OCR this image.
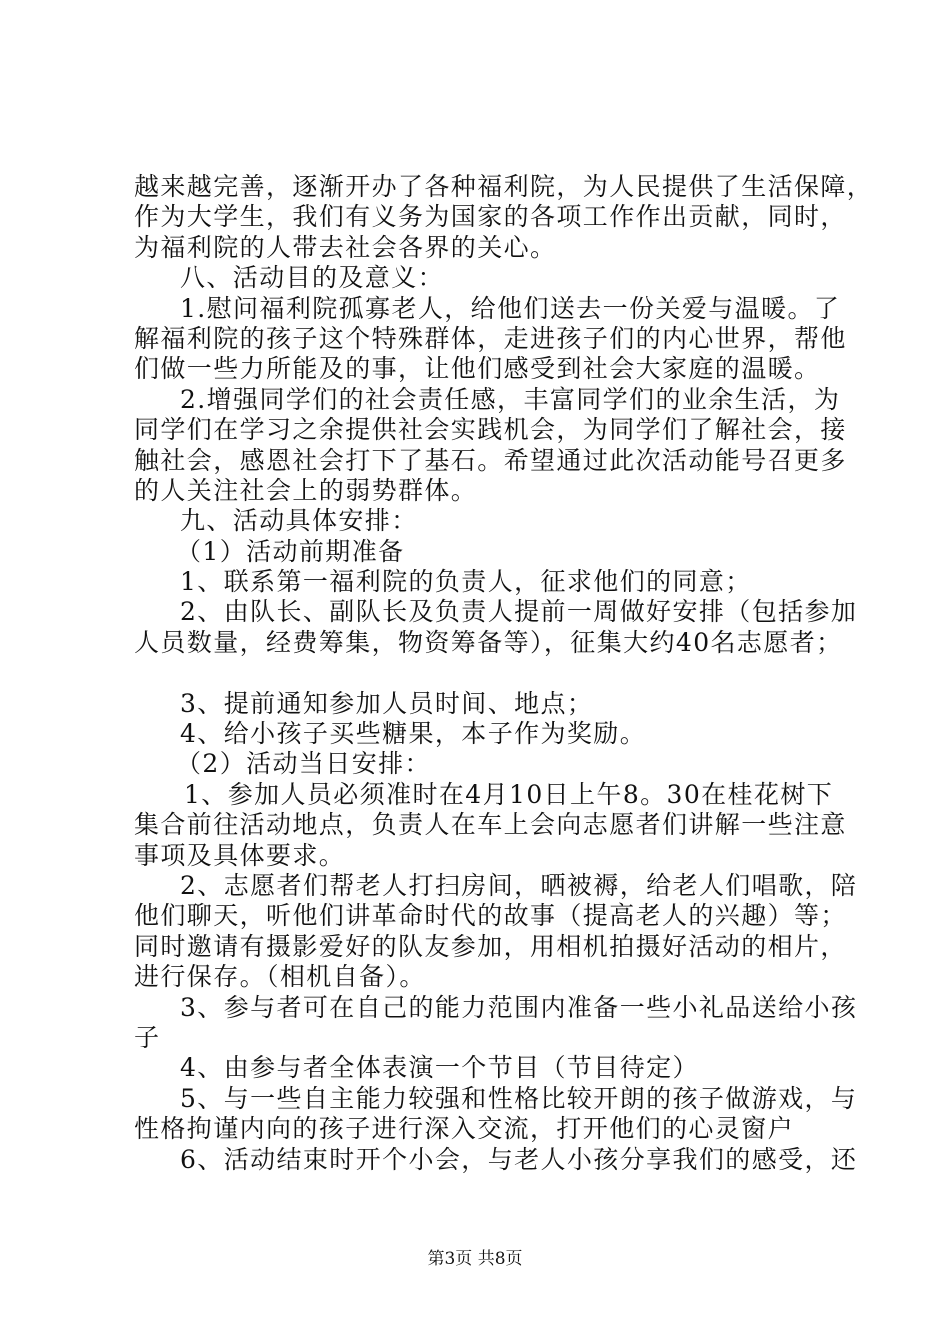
越来越完善，逐渐开办了各种福利院，为人民提供了生活保障，
作为大学生，我们有义务为国家的各项工作作出贡献，同时，
为福利院的人带去社会各界的关心。
八、活动目的及意义：
1.慰问福利院孤寡老人，给他们送去一份关爱与温暖。了
解福利院的孩子这个特殊群体，走进孩子们的内心世界，帮他
们做一些力所能及的事，让他们感受到社会大家庭的温暖。
2.增强同学们的社会责任感，丰富同学们的业余生活，为
同学们在学习之余提供社会实践机会，为同学们了解社会，接
触社会，感恩社会打下了基石。希望通过此次活动能号召更多
的人关注社会上的弱势群体。
九、活动具体安排：
（1）活动前期准备
1、联系第一福利院的负责人，征求他们的同意；
2、由队长、副队长及负责人提前一周做好安排（包括参加
人员数量，经费筹集，物资筹备等），征集大约40名志愿者；
3、提前通知参加人员时间、地点；
4、给小孩子买些糖果，本子作为奖励。
（2）活动当日安排：
1、参加人员必须准时在4月10日上午8。30在桂花树下
集合前往活动地点，负责人在车上会向志愿者们讲解一些注意
事项及具体要求。
2、志愿者们帮老人打扫房间，晒被褥，给老人们唱歌，陪
他们聊天，听他们讲革命时代的故事（提高老人的兴趣）等；
同时邀请有摄影爱好的队友参加，用相机拍摄好活动的相片，
进行保存。（相机自备）。
3、参与者可在自己的能力范围内准备一些小礼品送给小孩
子
4、由参与者全体表演一个节目（节目待定）
5、与一些自主能力较强和性格比较开朗的孩子做游戏，与
性格拘谨内向的孩子进行深入交流，打开他们的心灵窗户
6、活动结束时开个小会，与老人小孩分享我们的感受，还
第3页 共8页
